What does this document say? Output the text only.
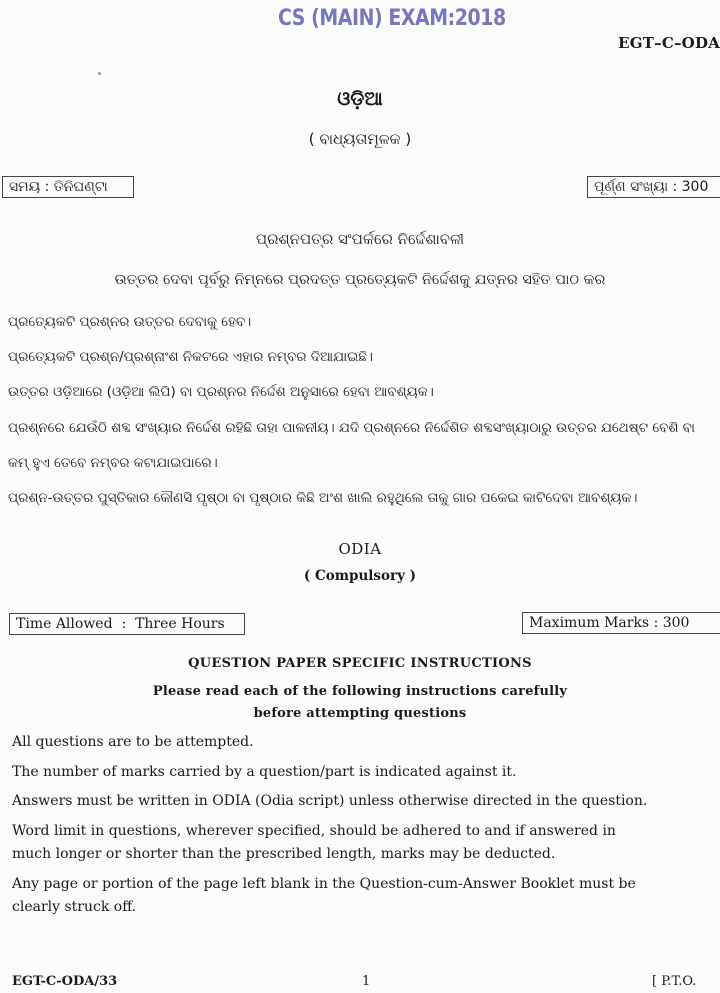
CS (MAIN) EXAM:2018
EGT–C–ODA
ଓଡ଼ିଆ
( ବାଧ୍ୟତାମୂଳକ )
ସମୟ : ତିନିଘଣ୍ଟା	ପୂର୍ଣ୍ଣ ସଂଖ୍ୟା : 300
ପ୍ରଶ୍ନପତ୍ର ସଂପର୍କରେ ନିର୍ଦ୍ଦେଶାବଳୀ
ଉତ୍ତର ଦେବା ପୂର୍ବରୁ ନିମ୍ନରେ ପ୍ରଦତ୍ତ ପ୍ରତ୍ୟେକଟି ନିର୍ଦ୍ଦେଶକୁ ଯତ୍ନର ସହିତ ପାଠ କର
ପ୍ରତ୍ୟେକଟି ପ୍ରଶ୍ନର ଉତ୍ତର ଦେବାକୁ ହେବ।
ପ୍ରତ୍ୟେକଟି ପ୍ରଶ୍ନ/ପ୍ରଶ୍ନାଂଶ ନିକଟରେ ଏହାର ନମ୍ବର ଦିଆଯାଇଛି।
ଉତ୍ତର ଓଡ଼ିଆରେ (ଓଡ଼ିଆ ଲିପି) ବା ପ୍ରଶ୍ନର ନିର୍ଦ୍ଦେଶ ଅନୁସାରେ ହେବା ଆବଶ୍ୟକ।
ପ୍ରଶ୍ନରେ ଯେଉଁଠି ଶବ୍ଦ ସଂଖ୍ୟାର ନିର୍ଦ୍ଦେଶ ରହିଛି ତାହା ପାଳନୀୟ। ଯଦି ପ୍ରଶ୍ନରେ ନିର୍ଦ୍ଦେଶିତ ଶବ୍ଦସଂଖ୍ୟାଠାରୁ ଉତ୍ତର ଯଥେଷ୍ଟ ବେଶି ବା
କମ୍ ହୁଏ ତେବେ ନମ୍ବର କଟାଯାଇପାରେ।
ପ୍ରଶ୍ନ-ଉତ୍ତର ପୁସ୍ତିକାର କୌଣସି ପୃଷ୍ଠା ବା ପୃଷ୍ଠାର କିଛି ଅଂଶ ଖାଲି ରହୁଥିଲେ ତାକୁ ଗାର ପକେଇ କାଟିଦେବା ଆବଶ୍ୟକ।
ODIA
( Compulsory )
Time Allowed  :  Three Hours	Maximum Marks : 300
QUESTION PAPER SPECIFIC INSTRUCTIONS
Please read each of the following instructions carefully
before attempting questions
All questions are to be attempted.
The number of marks carried by a question/part is indicated against it.
Answers must be written in ODIA (Odia script) unless otherwise directed in the question.
Word limit in questions, wherever specified, should be adhered to and if answered in
much longer or shorter than the prescribed length, marks may be deducted.
Any page or portion of the page left blank in the Question-cum-Answer Booklet must be
clearly struck off.
EGT-C-ODA/33	1	[ P.T.O.
